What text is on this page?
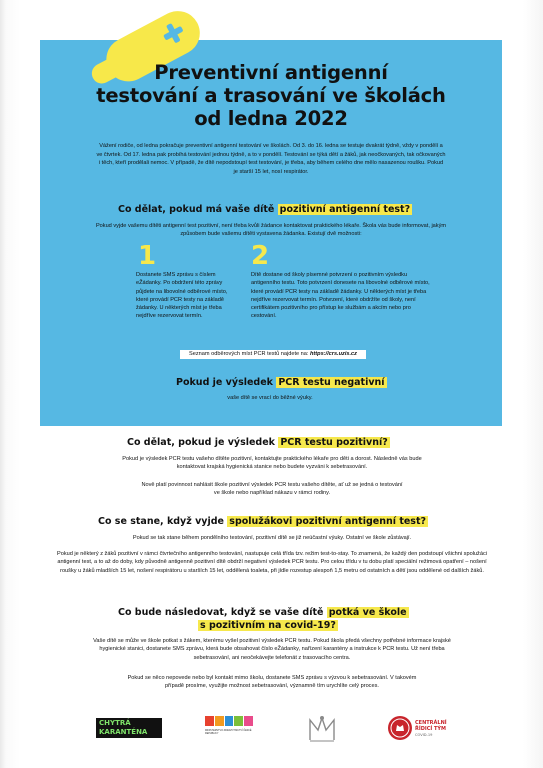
Preventivní antigenní
testování a trasování ve školách
od ledna 2022

Vážení rodiče, od ledna pokračuje preventivní antigenní testování ve školách. Od 3. do 16. ledna se testuje dvakrát týdně, vždy v pondělí a ve čtvrtek. Od 17. ledna pak probíhá testování jednou týdně, a to v pondělí. Testování se týká dětí a žáků, jak neočkovaných, tak očkovaných i těch, kteří prodělali nemoc. V případě, že dítě nepodstoupí test testování, je třeba, aby během celého dne mělo nasazenou roušku. Pokud je starší 15 let, nosí respirátor.

Co dělat, pokud má vaše dítě pozitivní antigenní test?

Pokud vyjde vašemu dítěti antigenní test pozitivní, není třeba kvůli žádance kontaktovat praktického lékaře. Škola vás bude informovat, jakým způsobem bude vašemu dítěti vystavena žádanka. Existují dvě možnosti:

1

Dostanete SMS zprávu s číslem eŽádanky. Po obdržení této zprávy půjdete na libovolné odběrové místo, které provádí PCR testy na základě žádanky. U některých míst je třeba nejdříve rezervovat termín.

2

Dítě dostane od školy písemné potvrzení o pozitivním výsledku antigenního testu. Toto potvrzení donesete na libovolné odběrové místo, které provádí PCR testy na základě žádanky. U některých míst je třeba nejdříve rezervovat termín. Potvrzení, které obdržíte od školy, není certifikátem pozitivního pro přístup ke službám a akcím nebo pro cestování.

Seznam odběrových míst PCR testů najdete na: https://crs.uzis.cz
Pokud je výsledek PCR testu negativní

vaše dítě se vrací do běžné výuky.

Co dělat, pokud je výsledek PCR testu pozitivní?

Pokud je výsledek PCR testu vašeho dítěte pozitivní, kontaktujte praktického lékaře pro děti a dorost. Následně vás bude kontaktovat krajská hygienická stanice nebo budete vyzváni k sebetrasování.

Nově platí povinnost nahlásit škole pozitivní výsledek PCR testu vašeho dítěte, ať už se jedná o testování ve škole nebo například nákazu v rámci rodiny.

Co se stane, když vyjde spolužákovi pozitivní antigenní test?

Pokud se tak stane během pondělního testování, pozitivní dítě se již neúčastní výuky. Ostatní ve škole zůstávají.

Pokud je některý z žáků pozitivní v rámci čtvrtečního antigenního testování, nastupuje celá třída tzv. režim test-to-stay. To znamená, že každý den podstoupí všichni spolužáci antigenní test, a to až do doby, kdy původně antigenně pozitivní dítě obdrží negativní výsledek PCR testu. Pro celou třídu v tu dobu platí speciální režimová opatření – nošení roušky u žáků mladších 15 let, nošení respirátoru u starších 15 let, oddělená toaleta, při jídle rozestup alespoň 1,5 metru od ostatních a dětí jsou oddělené od dalších žáků.

Co bude následovat, když se vaše dítě potká ve škole
s pozitivním na covid-19?

Vaše dítě se může ve škole potkat s žákem, kterému vyšel pozitivní výsledek PCR testu. Pokud škola předá všechny potřebné informace krajské hygienické stanici, dostanete SMS zprávu, která bude obsahovat číslo eŽádanky, nařízení karantény a instrukce k PCR testu. Už není třeba sebetrasování, ani neočekávejte telefonát z trasovacího centra.

Pokud se něco nepovede nebo byl kontakt mimo školu, dostanete SMS zprávu s výzvou k sebetrasování. V takovém případě prosíme, využijte možnost sebetrasování, významně tím urychlíte celý proces.

CHYTRÁ
KARANTÉNA	MINISTERSTVO ZDRAVOTNICTVÍ ČESKÉ REPUBLIKY
CENTRÁLNÍ
ŘÍDICÍ TÝM
COVID-19
